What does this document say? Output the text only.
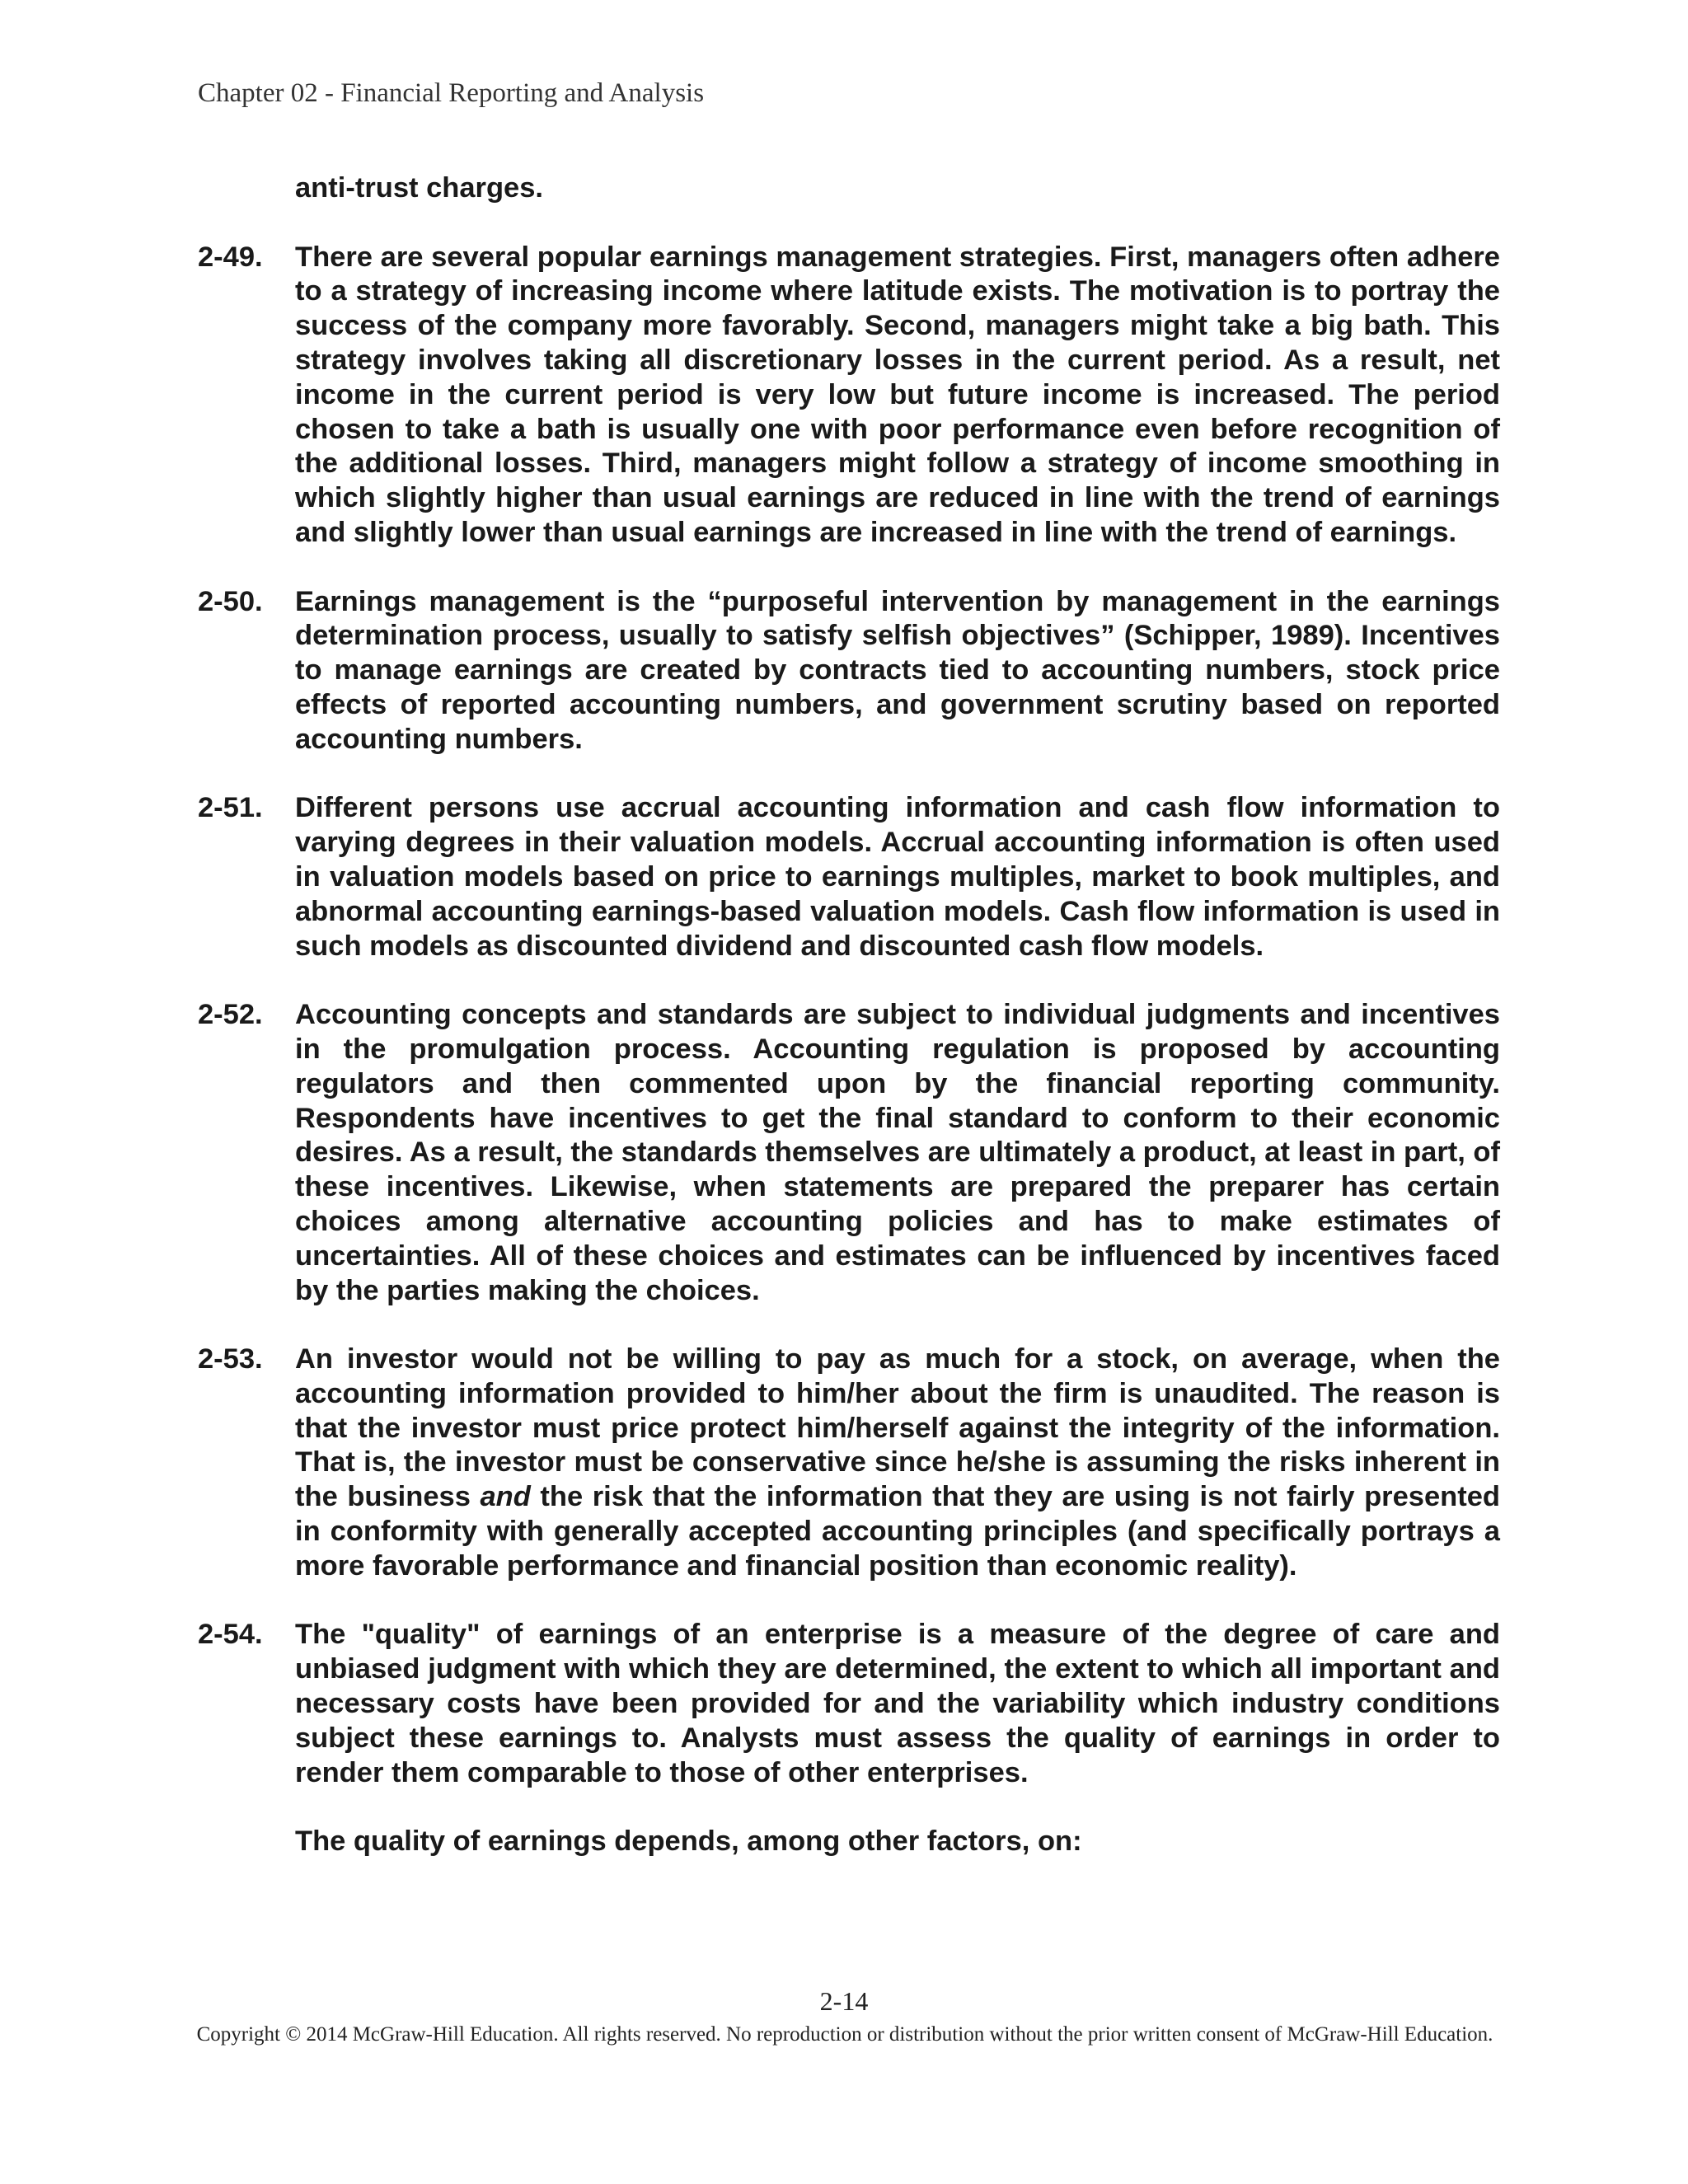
Chapter 02 - Financial Reporting and Analysis
anti-trust charges.
2-49.	There are several popular earnings management strategies. First, managers often adhere to a strategy of increasing income where latitude exists. The motivation is to portray the success of the company more favorably. Second, managers might take a big bath. This strategy involves taking all discretionary losses in the current period. As a result, net income in the current period is very low but future income is increased. The period chosen to take a bath is usually one with poor performance even before recognition of the additional losses. Third, managers might follow a strategy of income smoothing in which slightly higher than usual earnings are reduced in line with the trend of earnings and slightly lower than usual earnings are increased in line with the trend of earnings.
2-50.	Earnings management is the “purposeful intervention by management in the earnings determination process, usually to satisfy selfish objectives” (Schipper, 1989). Incentives to manage earnings are created by contracts tied to accounting numbers, stock price effects of reported accounting numbers, and government scrutiny based on reported accounting numbers.
2-51.	Different persons use accrual accounting information and cash flow information to varying degrees in their valuation models. Accrual accounting information is often used in valuation models based on price to earnings multiples, market to book multiples, and abnormal accounting earnings-based valuation models. Cash flow information is used in such models as discounted dividend and discounted cash flow models.
2-52.	Accounting concepts and standards are subject to individual judgments and incentives in the promulgation process. Accounting regulation is proposed by accounting regulators and then commented upon by the financial reporting community. Respondents have incentives to get the final standard to conform to their economic desires. As a result, the standards themselves are ultimately a product, at least in part, of these incentives. Likewise, when statements are prepared the preparer has certain choices among alternative accounting policies and has to make estimates of uncertainties. All of these choices and estimates can be influenced by incentives faced by the parties making the choices.
2-53.	An investor would not be willing to pay as much for a stock, on average, when the accounting information provided to him/her about the firm is unaudited. The reason is that the investor must price protect him/herself against the integrity of the information. That is, the investor must be conservative since he/she is assuming the risks inherent in the business and the risk that the information that they are using is not fairly presented in conformity with generally accepted accounting principles (and specifically portrays a more favorable performance and financial position than economic reality).
2-54.	The "quality" of earnings of an enterprise is a measure of the degree of care and unbiased judgment with which they are determined, the extent to which all important and necessary costs have been provided for and the variability which industry conditions subject these earnings to. Analysts must assess the quality of earnings in order to render them comparable to those of other enterprises.
The quality of earnings depends, among other factors, on:
2-14
Copyright © 2014 McGraw-Hill Education. All rights reserved. No reproduction or distribution without the prior written consent of McGraw-Hill Education.
